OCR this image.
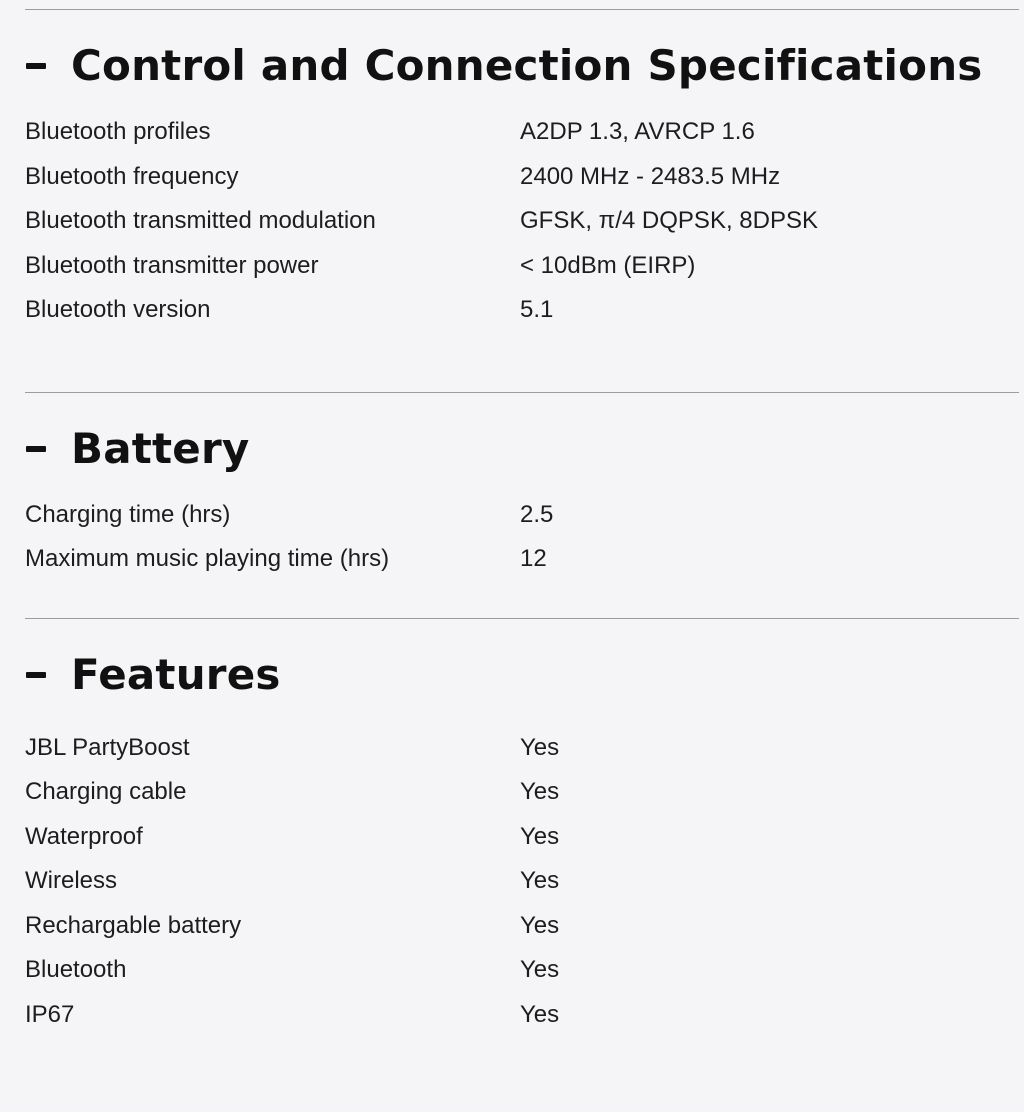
Control and Connection Specifications
Bluetooth profiles	A2DP 1.3, AVRCP 1.6
Bluetooth frequency	2400 MHz - 2483.5 MHz
Bluetooth transmitted modulation	GFSK, π/4 DQPSK, 8DPSK
Bluetooth transmitter power	< 10dBm (EIRP)
Bluetooth version	5.1
Battery
Charging time (hrs)	2.5
Maximum music playing time (hrs)	12
Features
JBL PartyBoost	Yes
Charging cable	Yes
Waterproof	Yes
Wireless	Yes
Rechargable battery	Yes
Bluetooth	Yes
IP67	Yes
